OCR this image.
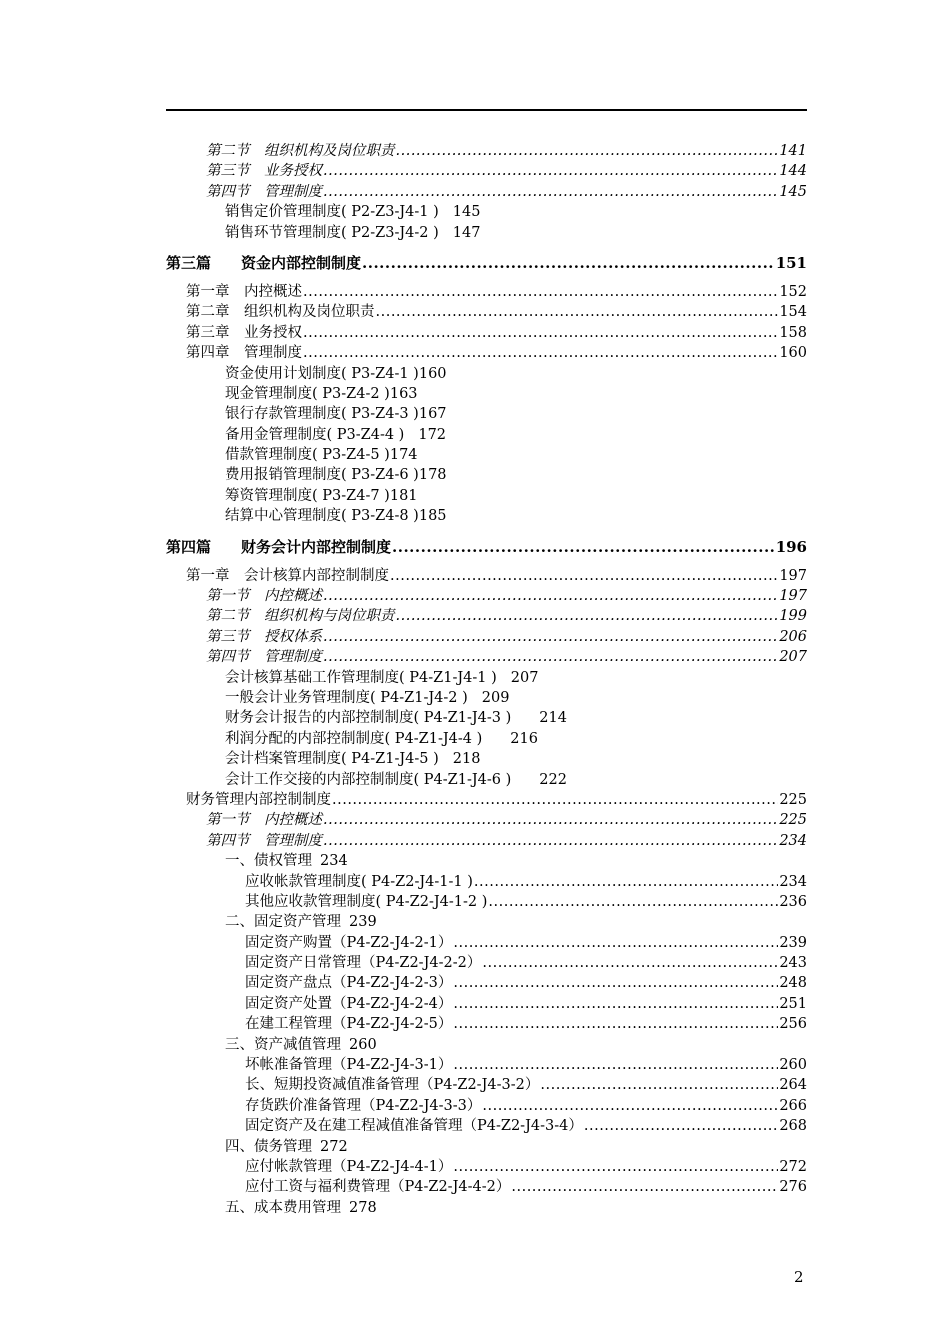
第二节　组织机构及岗位职责 .....	141
第三节　业务授权 .....	144
第四节　管理制度 .....	145
销售定价管理制度( P2-Z3-J4-1 ) 145
销售环节管理制度( P2-Z3-J4-2 ) 147
第三篇　　资金内部控制制度 .....	151
第一章　内控概述 .....	152
第二章　组织机构及岗位职责 .....	154
第三章　业务授权 .....	158
第四章　管理制度 .....	160
资金使用计划制度( P3-Z4-1 ) 160
现金管理制度( P3-Z4-2 ) 163
银行存款管理制度( P3-Z4-3 ) 167
备用金管理制度( P3-Z4-4 ) 172
借款管理制度( P3-Z4-5 ) 174
费用报销管理制度( P3-Z4-6 ) 178
筹资管理制度( P3-Z4-7 ) 181
结算中心管理制度( P3-Z4-8 ) 185
第四篇　　财务会计内部控制制度 .....	196
第一章　会计核算内部控制制度 .....	197
第一节　内控概述 .....	197
第二节　组织机构与岗位职责 .....	199
第三节　授权体系 .....	206
第四节　管理制度 .....	207
会计核算基础工作管理制度( P4-Z1-J4-1 ) 207
一般会计业务管理制度( P4-Z1-J4-2 ) 209
财务会计报告的内部控制制度( P4-Z1-J4-3 ) 214
利润分配的内部控制制度( P4-Z1-J4-4 ) 216
会计档案管理制度( P4-Z1-J4-5 ) 218
会计工作交接的内部控制制度( P4-Z1-J4-6 ) 222
财务管理内部控制制度 .....	225
第一节　内控概述 .....	225
第四节　管理制度 .....	234
一、债权管理 234
应收帐款管理制度( P4-Z2-J4-1-1 ) .....	234
其他应收款管理制度( P4-Z2-J4-1-2 ) .....	236
二、固定资产管理 239
固定资产购置（P4-Z2-J4-2-1） .....	239
固定资产日常管理（P4-Z2-J4-2-2） .....	243
固定资产盘点（P4-Z2-J4-2-3） .....	248
固定资产处置（P4-Z2-J4-2-4） .....	251
在建工程管理（P4-Z2-J4-2-5） .....	256
三、资产减值管理 260
坏帐准备管理（P4-Z2-J4-3-1） .....	260
长、短期投资减值准备管理（P4-Z2-J4-3-2） .....	264
存货跌价准备管理（P4-Z2-J4-3-3） .....	266
固定资产及在建工程减值准备管理（P4-Z2-J4-3-4） .....	268
四、债务管理 272
应付帐款管理（P4-Z2-J4-4-1） .....	272
应付工资与福利费管理（P4-Z2-J4-4-2） .....	276
五、成本费用管理 278
2
